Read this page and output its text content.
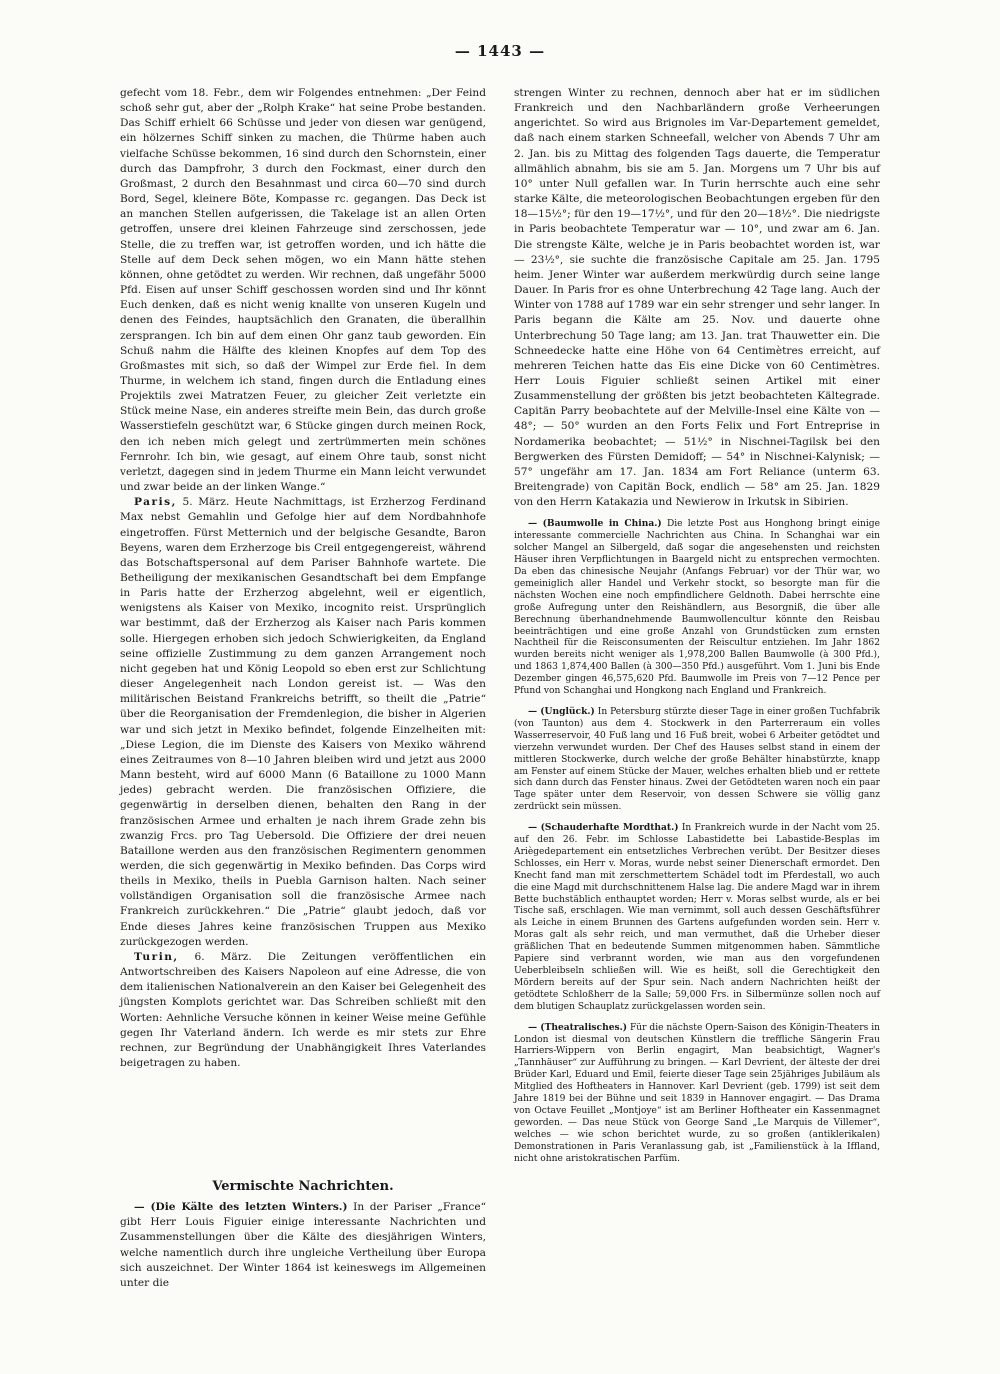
— 1443 —

gefecht vom 18. Febr., dem wir Folgendes entnehmen: „Der Feind schoß sehr gut, aber der „Rolph Krake“ hat seine Probe bestanden. Das Schiff erhielt 66 Schüsse und jeder von diesen war genügend, ein hölzernes Schiff sinken zu machen, die Thürme haben auch vielfache Schüsse bekommen, 16 sind durch den Schornstein, einer durch das Dampfrohr, 3 durch den Fockmast, einer durch den Großmast, 2 durch den Besahnmast und circa 60—70 sind durch Bord, Segel, kleinere Böte, Kompasse rc. gegangen. Das Deck ist an manchen Stellen aufgerissen, die Takelage ist an allen Orten getroffen, unsere drei kleinen Fahrzeuge sind zerschossen, jede Stelle, die zu treffen war, ist getroffen worden, und ich hätte die Stelle auf dem Deck sehen mögen, wo ein Mann hätte stehen können, ohne getödtet zu werden. Wir rechnen, daß ungefähr 5000 Pfd. Eisen auf unser Schiff geschossen worden sind und Ihr könnt Euch denken, daß es nicht wenig knallte von unseren Kugeln und denen des Feindes, hauptsächlich den Granaten, die überallhin zersprangen. Ich bin auf dem einen Ohr ganz taub geworden. Ein Schuß nahm die Hälfte des kleinen Knopfes auf dem Top des Großmastes mit sich, so daß der Wimpel zur Erde fiel. In dem Thurme, in welchem ich stand, fingen durch die Entladung eines Projektils zwei Matratzen Feuer, zu gleicher Zeit verletzte ein Stück meine Nase, ein anderes streifte mein Bein, das durch große Wasserstiefeln geschützt war, 6 Stücke gingen durch meinen Rock, den ich neben mich gelegt und zertrümmerten mein schönes Fernrohr. Ich bin, wie gesagt, auf einem Ohre taub, sonst nicht verletzt, dagegen sind in jedem Thurme ein Mann leicht verwundet und zwar beide an der linken Wange.“

Paris, 5. März. Heute Nachmittags, ist Erzherzog Ferdinand Max nebst Gemahlin und Gefolge hier auf dem Nordbahnhofe eingetroffen. Fürst Metternich und der belgische Gesandte, Baron Beyens, waren dem Erzherzoge bis Creil entgegengereist, während das Botschaftspersonal auf dem Pariser Bahnhofe wartete. Die Betheiligung der mexikanischen Gesandtschaft bei dem Empfange in Paris hatte der Erzherzog abgelehnt, weil er eigentlich, wenigstens als Kaiser von Mexiko, incognito reist. Ursprünglich war bestimmt, daß der Erzherzog als Kaiser nach Paris kommen solle. Hiergegen erhoben sich jedoch Schwierigkeiten, da England seine offizielle Zustimmung zu dem ganzen Arrangement noch nicht gegeben hat und König Leopold so eben erst zur Schlichtung dieser Angelegenheit nach London gereist ist. — Was den militärischen Beistand Frankreichs betrifft, so theilt die „Patrie“ über die Reorganisation der Fremdenlegion, die bisher in Algerien war und sich jetzt in Mexiko befindet, folgende Einzelheiten mit: „Diese Legion, die im Dienste des Kaisers von Mexiko während eines Zeitraumes von 8—10 Jahren bleiben wird und jetzt aus 2000 Mann besteht, wird auf 6000 Mann (6 Bataillone zu 1000 Mann jedes) gebracht werden. Die französischen Offiziere, die gegenwärtig in derselben dienen, behalten den Rang in der französischen Armee und erhalten je nach ihrem Grade zehn bis zwanzig Frcs. pro Tag Uebersold. Die Offiziere der drei neuen Bataillone werden aus den französischen Regimentern genommen werden, die sich gegenwärtig in Mexiko befinden. Das Corps wird theils in Mexiko, theils in Puebla Garnison halten. Nach seiner vollständigen Organisation soll die französische Armee nach Frankreich zurückkehren.“ Die „Patrie“ glaubt jedoch, daß vor Ende dieses Jahres keine französischen Truppen aus Mexiko zurückgezogen werden.

Turin, 6. März. Die Zeitungen veröffentlichen ein Antwortschreiben des Kaisers Napoleon auf eine Adresse, die von dem italienischen Nationalverein an den Kaiser bei Gelegenheit des jüngsten Komplots gerichtet war. Das Schreiben schließt mit den Worten: Aehnliche Versuche können in keiner Weise meine Gefühle gegen Ihr Vaterland ändern. Ich werde es mir stets zur Ehre rechnen, zur Begründung der Unabhängigkeit Ihres Vaterlandes beigetragen zu haben.

Vermischte Nachrichten.

— (Die Kälte des letzten Winters.) In der Pariser „France“ gibt Herr Louis Figuier einige interessante Nachrichten und Zusammenstellungen über die Kälte des diesjährigen Winters, welche namentlich durch ihre ungleiche Vertheilung über Europa sich auszeichnet. Der Winter 1864 ist keineswegs im Allgemeinen unter die

strengen Winter zu rechnen, dennoch aber hat er im südlichen Frankreich und den Nachbarländern große Verheerungen angerichtet. So wird aus Brignoles im Var-Departement gemeldet, daß nach einem starken Schneefall, welcher von Abends 7 Uhr am 2. Jan. bis zu Mittag des folgenden Tags dauerte, die Temperatur allmählich abnahm, bis sie am 5. Jan. Morgens um 7 Uhr bis auf 10° unter Null gefallen war. In Turin herrschte auch eine sehr starke Kälte, die meteorologischen Beobachtungen ergeben für den 18—15½°; für den 19—17½°, und für den 20—18½°. Die niedrigste in Paris beobachtete Temperatur war — 10°, und zwar am 6. Jan. Die strengste Kälte, welche je in Paris beobachtet worden ist, war — 23½°, sie suchte die französische Capitale am 25. Jan. 1795 heim. Jener Winter war außerdem merkwürdig durch seine lange Dauer. In Paris fror es ohne Unterbrechung 42 Tage lang. Auch der Winter von 1788 auf 1789 war ein sehr strenger und sehr langer. In Paris begann die Kälte am 25. Nov. und dauerte ohne Unterbrechung 50 Tage lang; am 13. Jan. trat Thauwetter ein. Die Schneedecke hatte eine Höhe von 64 Centimètres erreicht, auf mehreren Teichen hatte das Eis eine Dicke von 60 Centimètres. Herr Louis Figuier schließt seinen Artikel mit einer Zusammenstellung der größten bis jetzt beobachteten Kältegrade. Capitän Parry beobachtete auf der Melville-Insel eine Kälte von — 48°; — 50° wurden an den Forts Felix und Fort Entreprise in Nordamerika beobachtet; — 51½° in Nischnei-Tagilsk bei den Bergwerken des Fürsten Demidoff; — 54° in Nischnei-Kalynisk; — 57° ungefähr am 17. Jan. 1834 am Fort Reliance (unterm 63. Breitengrade) von Capitän Bock, endlich — 58° am 25. Jan. 1829 von den Herrn Katakazia und Newierow in Irkutsk in Sibirien.

— (Baumwolle in China.) Die letzte Post aus Honghong bringt einige interessante commercielle Nachrichten aus China. In Schanghai war ein solcher Mangel an Silbergeld, daß sogar die angesehensten und reichsten Häuser ihren Verpflichtungen in Baargeld nicht zu entsprechen vermochten. Da eben das chinesische Neujahr (Anfangs Februar) vor der Thür war, wo gemeiniglich aller Handel und Verkehr stockt, so besorgte man für die nächsten Wochen eine noch empfindlichere Geldnoth. Dabei herrschte eine große Aufregung unter den Reishändlern, aus Besorgniß, die über alle Berechnung überhandnehmende Baumwollencultur könnte den Reisbau beeinträchtigen und eine große Anzahl von Grundstücken zum ernsten Nachtheil für die Reisconsumenten der Reiscultur entziehen. Im Jahr 1862 wurden bereits nicht weniger als 1,978,200 Ballen Baumwolle (à 300 Pfd.), und 1863 1,874,400 Ballen (à 300—350 Pfd.) ausgeführt. Vom 1. Juni bis Ende Dezember gingen 46,575,620 Pfd. Baumwolle im Preis von 7—12 Pence per Pfund von Schanghai und Hongkong nach England und Frankreich.

— (Unglück.) In Petersburg stürzte dieser Tage in einer großen Tuchfabrik (von Taunton) aus dem 4. Stockwerk in den Parterreraum ein volles Wasserreservoir, 40 Fuß lang und 16 Fuß breit, wobei 6 Arbeiter getödtet und vierzehn verwundet wurden. Der Chef des Hauses selbst stand in einem der mittleren Stockwerke, durch welche der große Behälter hinabstürzte, knapp am Fenster auf einem Stücke der Mauer, welches erhalten blieb und er rettete sich dann durch das Fenster hinaus. Zwei der Getödteten waren noch ein paar Tage später unter dem Reservoir, von dessen Schwere sie völlig ganz zerdrückt sein müssen.

— (Schauderhafte Mordthat.) In Frankreich wurde in der Nacht vom 25. auf den 26. Febr. im Schlosse Labastidette bei Labastide-Besplas im Ariègedepartement ein entsetzliches Verbrechen verübt. Der Besitzer dieses Schlosses, ein Herr v. Moras, wurde nebst seiner Dienerschaft ermordet. Den Knecht fand man mit zerschmettertem Schädel todt im Pferdestall, wo auch die eine Magd mit durchschnittenem Halse lag. Die andere Magd war in ihrem Bette buchstäblich enthauptet worden; Herr v. Moras selbst wurde, als er bei Tische saß, erschlagen. Wie man vernimmt, soll auch dessen Geschäftsführer als Leiche in einem Brunnen des Gartens aufgefunden worden sein. Herr v. Moras galt als sehr reich, und man vermuthet, daß die Urheber dieser gräßlichen That en bedeutende Summen mitgenommen haben. Sämmtliche Papiere sind verbrannt worden, wie man aus den vorgefundenen Ueberbleibseln schließen will. Wie es heißt, soll die Gerechtigkeit den Mördern bereits auf der Spur sein. Nach andern Nachrichten heißt der getödtete Schloßherr de la Salle; 59,000 Frs. in Silbermünze sollen noch auf dem blutigen Schauplatz zurückgelassen worden sein.

— (Theatralisches.) Für die nächste Opern-Saison des Königin-Theaters in London ist diesmal von deutschen Künstlern die treffliche Sängerin Frau Harriers-Wippern von Berlin engagirt, Man beabsichtigt, Wagner's „Tannhäuser“ zur Aufführung zu bringen. — Karl Devrient, der älteste der drei Brüder Karl, Eduard und Emil, feierte dieser Tage sein 25jähriges Jubiläum als Mitglied des Hoftheaters in Hannover. Karl Devrient (geb. 1799) ist seit dem Jahre 1819 bei der Bühne und seit 1839 in Hannover engagirt. — Das Drama von Octave Feuillet „Montjoye“ ist am Berliner Hoftheater ein Kassenmagnet geworden. — Das neue Stück von George Sand „Le Marquis de Villemer“, welches — wie schon berichtet wurde, zu so großen (antiklerikalen) Demonstrationen in Paris Veranlassung gab, ist „Familienstück à la Iffland, nicht ohne aristokratischen Parfüm.
